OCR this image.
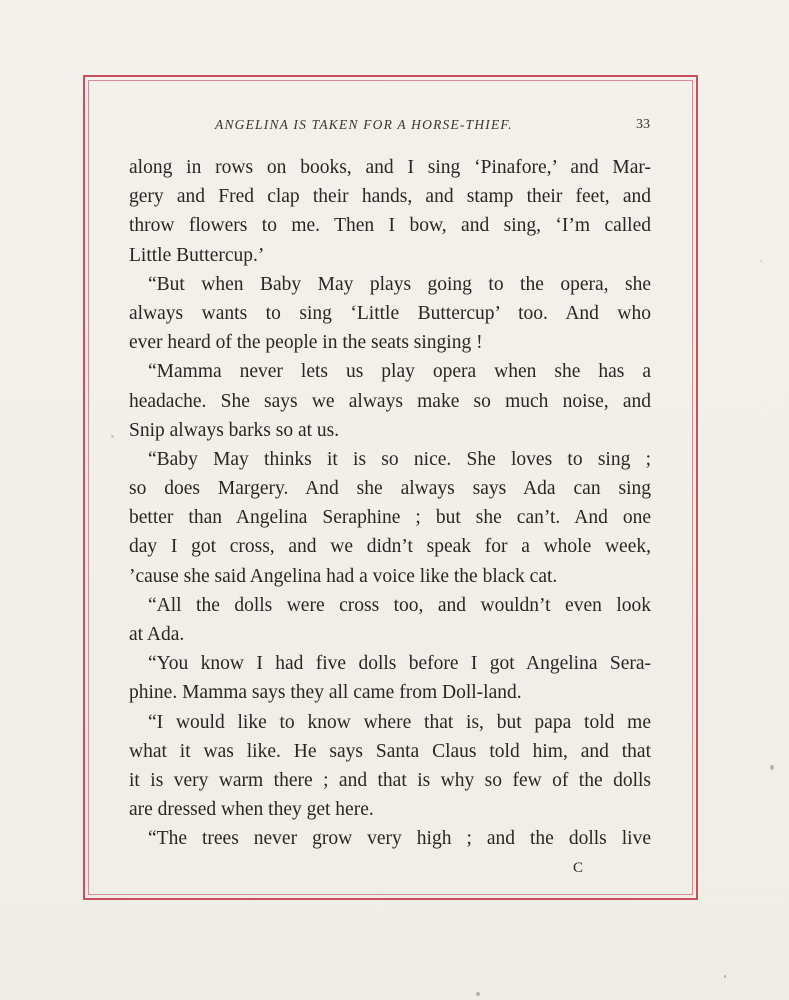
ANGELINA IS TAKEN FOR A HORSE-THIEF.	33
along in rows on books, and I sing ‘Pinafore,’ and Mar-
gery and Fred clap their hands, and stamp their feet, and
throw flowers to me. Then I bow, and sing, ‘I’m called
Little Buttercup.’
“But when Baby May plays going to the opera, she
always wants to sing ‘Little Buttercup’ too. And who
ever heard of the people in the seats singing !
“Mamma never lets us play opera when she has a
headache. She says we always make so much noise, and
Snip always barks so at us.
“Baby May thinks it is so nice. She loves to sing ;
so does Margery. And she always says Ada can sing
better than Angelina Seraphine ; but she can’t. And one
day I got cross, and we didn’t speak for a whole week,
’cause she said Angelina had a voice like the black cat.
“All the dolls were cross too, and wouldn’t even look
at Ada.
“You know I had five dolls before I got Angelina Sera-
phine. Mamma says they all came from Doll-land.
“I would like to know where that is, but papa told me
what it was like. He says Santa Claus told him, and that
it is very warm there ; and that is why so few of the dolls
are dressed when they get here.
“The trees never grow very high ; and the dolls live
C
